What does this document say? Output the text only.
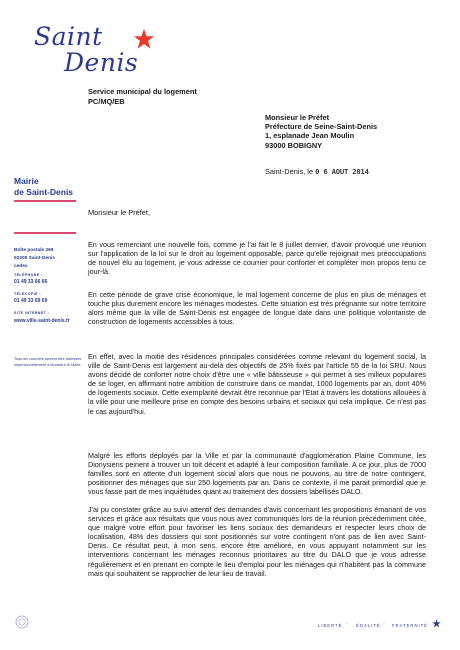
Saint
Denis
Mairie
de Saint-Denis
Boîte postale 269
93205 Saint-Denis
cedex
TÉLÉPHONE :
01 49 33 66 66
TÉLÉCOPIE :
01 49 33 69 69
SITE INTERNET :
www.ville-saint-denis.fr
Tous les courriers doivent être adressés impersonnellement à Monsieur le Maire.
Service municipal du logement
PC/MQ/EB
Monsieur le Préfet
Préfecture de Seine-Saint-Denis
1, esplanade Jean Moulin
93000 BOBIGNY
Saint-Denis, le 0 6 AOUT 2014
Monsieur le Préfet,

En vous remerciant une nouvelle fois, comme je l'ai fait le 8 juillet dernier, d'avoir provoqué une réunion sur l'application de la loi sur le droit au logement opposable, parce qu'elle rejoignait mes préoccupations de nouvel élu au logement, je vous adresse ce courrier pour conforter et compléter mon propos tenu ce jour-là.

En cette période de grave crise économique, le mal logement concerne de plus en plus de ménages et touche plus durement encore les ménages modestes. Cette situation est très prégnante sur notre territoire alors même que la ville de Saint-Denis est engagée de longue date dans une politique volontariste de construction de logements accessibles à tous.

En effet, avec la moitié des résidences principales considérées comme relevant du logement social, la ville de Saint-Denis est largement au-delà des objectifs de 25% fixés par l'article 55 de la loi SRU. Nous avons décidé de conforter notre choix d'être une « ville bâtisseuse » qui permet à ses milieux populaires de se loger, en affirmant notre ambition de construire dans ce mandat, 1000 logements par an, dont 40% de logements sociaux. Cette exemplarité devrait être reconnue par l'Etat à travers les dotations allouées à la ville pour une meilleure prise en compte des besoins urbains et sociaux qui cela implique. Ce n'est pas le cas aujourd'hui.

Malgré les efforts déployés par la Ville et par la communauté d'agglomération Plaine Commune, les Dionysiens peinent à trouver un toit décent et adapté à leur composition familiale. A ce jour, plus de 7000 familles sont en attente d'un logement social alors que nous ne pouvons, au titre de notre contingent, positionner des ménages que sur 250 logements par an. Dans ce contexte, il me parait primordial que je vous fasse part de mes inquiétudes quant au traitement des dossiers labellisés DALO.

J'ai pu constater grâce au suivi attentif des demandes d'avis concernant les propositions émanant de vos services et grâce aux résultats que vous nous avez communiqués lors de la réunion précédemment citée, que malgré votre effort pour favoriser les liens sociaux des demandeurs et respecter leurs choix de localisation, 48% des dossiers qui sont positionnés sur votre contingent n'ont pas de lien avec Saint-Denis. Ce résultat peut, à mon sens, encore être amélioré, en vous appuyant notamment sur les interventions concernant les ménages reconnus prioritaires au titre du DALO que je vous adresse régulièrement et en prenant en compte le lieu d'emploi pour les ménages qui n'habitent pas la commune mais qui souhaitent se rapprocher de leur lieu de travail.

LIBERTÉ · ÉGALITÉ · FRATERNITÉ
